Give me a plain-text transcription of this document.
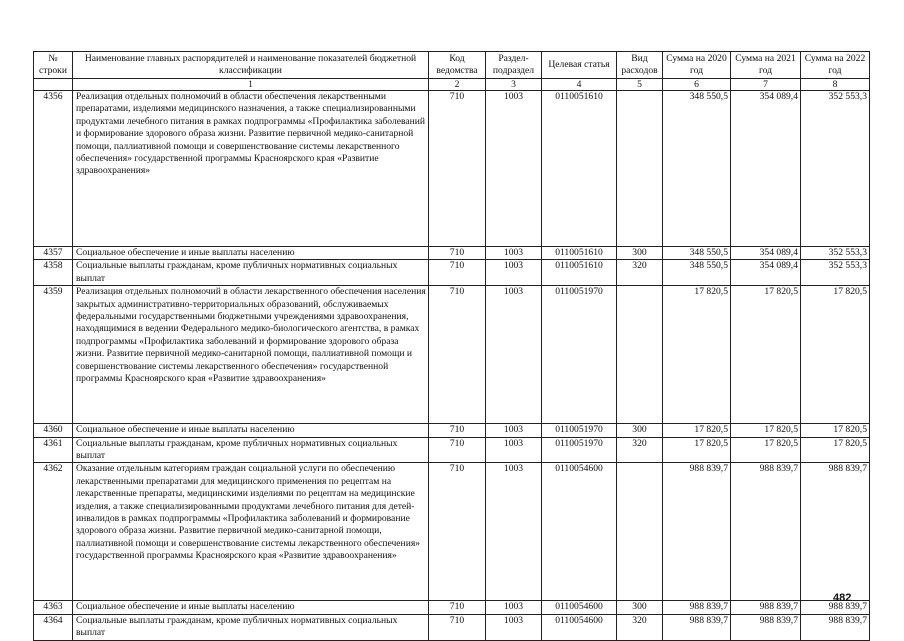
№ строки	Наименование главных распорядителей и наименование показателей бюджетной классификации	Код ведомства	Раздел-подраздел	Целевая статья	Вид расходов	Сумма на 2020 год	Сумма на 2021 год	Сумма на 2022 год
	1	2	3	4	5	6	7	8
4356	Реализация отдельных полномочий в области обеспечения лекарственными препаратами, изделиями медицинского назначения, а также специализированными продуктами лечебного питания в рамках подпрограммы «Профилактика заболеваний и формирование здорового образа жизни. Развитие первичной медико-санитарной помощи, паллиативной помощи и совершенствование системы лекарственного обеспечения» государственной программы Красноярского края «Развитие здравоохранения»	710	1003	0110051610		348 550,5	354 089,4	352 553,3
4357	Социальное обеспечение и иные выплаты населению	710	1003	0110051610	300	348 550,5	354 089,4	352 553,3
4358	Социальные выплаты гражданам, кроме публичных нормативных социальных выплат	710	1003	0110051610	320	348 550,5	354 089,4	352 553,3
4359	Реализация отдельных полномочий в области лекарственного обеспечения населения закрытых административно-территориальных образований, обслуживаемых федеральными государственными бюджетными учреждениями здравоохранения, находящимися в ведении Федерального медико-биологического агентства, в рамках подпрограммы «Профилактика заболеваний и формирование здорового образа жизни. Развитие первичной медико-санитарной помощи, паллиативной помощи и совершенствование системы лекарственного обеспечения» государственной программы Красноярского края «Развитие здравоохранения»	710	1003	0110051970		17 820,5	17 820,5	17 820,5
4360	Социальное обеспечение и иные выплаты населению	710	1003	0110051970	300	17 820,5	17 820,5	17 820,5
4361	Социальные выплаты гражданам, кроме публичных нормативных социальных выплат	710	1003	0110051970	320	17 820,5	17 820,5	17 820,5
4362	Оказание отдельным категориям граждан социальной услуги по обеспечению лекарственными препаратами для медицинского применения по рецептам на лекарственные препараты, медицинскими изделиями по рецептам на медицинские изделия, а также специализированными продуктами лечебного питания для детей-инвалидов в рамках подпрограммы «Профилактика заболеваний и формирование здорового образа жизни. Развитие первичной медико-санитарной помощи, паллиативной помощи и совершенствование системы лекарственного обеспечения» государственной программы Красноярского края «Развитие здравоохранения»	710	1003	0110054600		988 839,7	988 839,7	988 839,7
4363	Социальное обеспечение и иные выплаты населению	710	1003	0110054600	300	988 839,7	988 839,7	988 839,7
4364	Социальные выплаты гражданам, кроме публичных нормативных социальных выплат	710	1003	0110054600	320	988 839,7	988 839,7	988 839,7
482
